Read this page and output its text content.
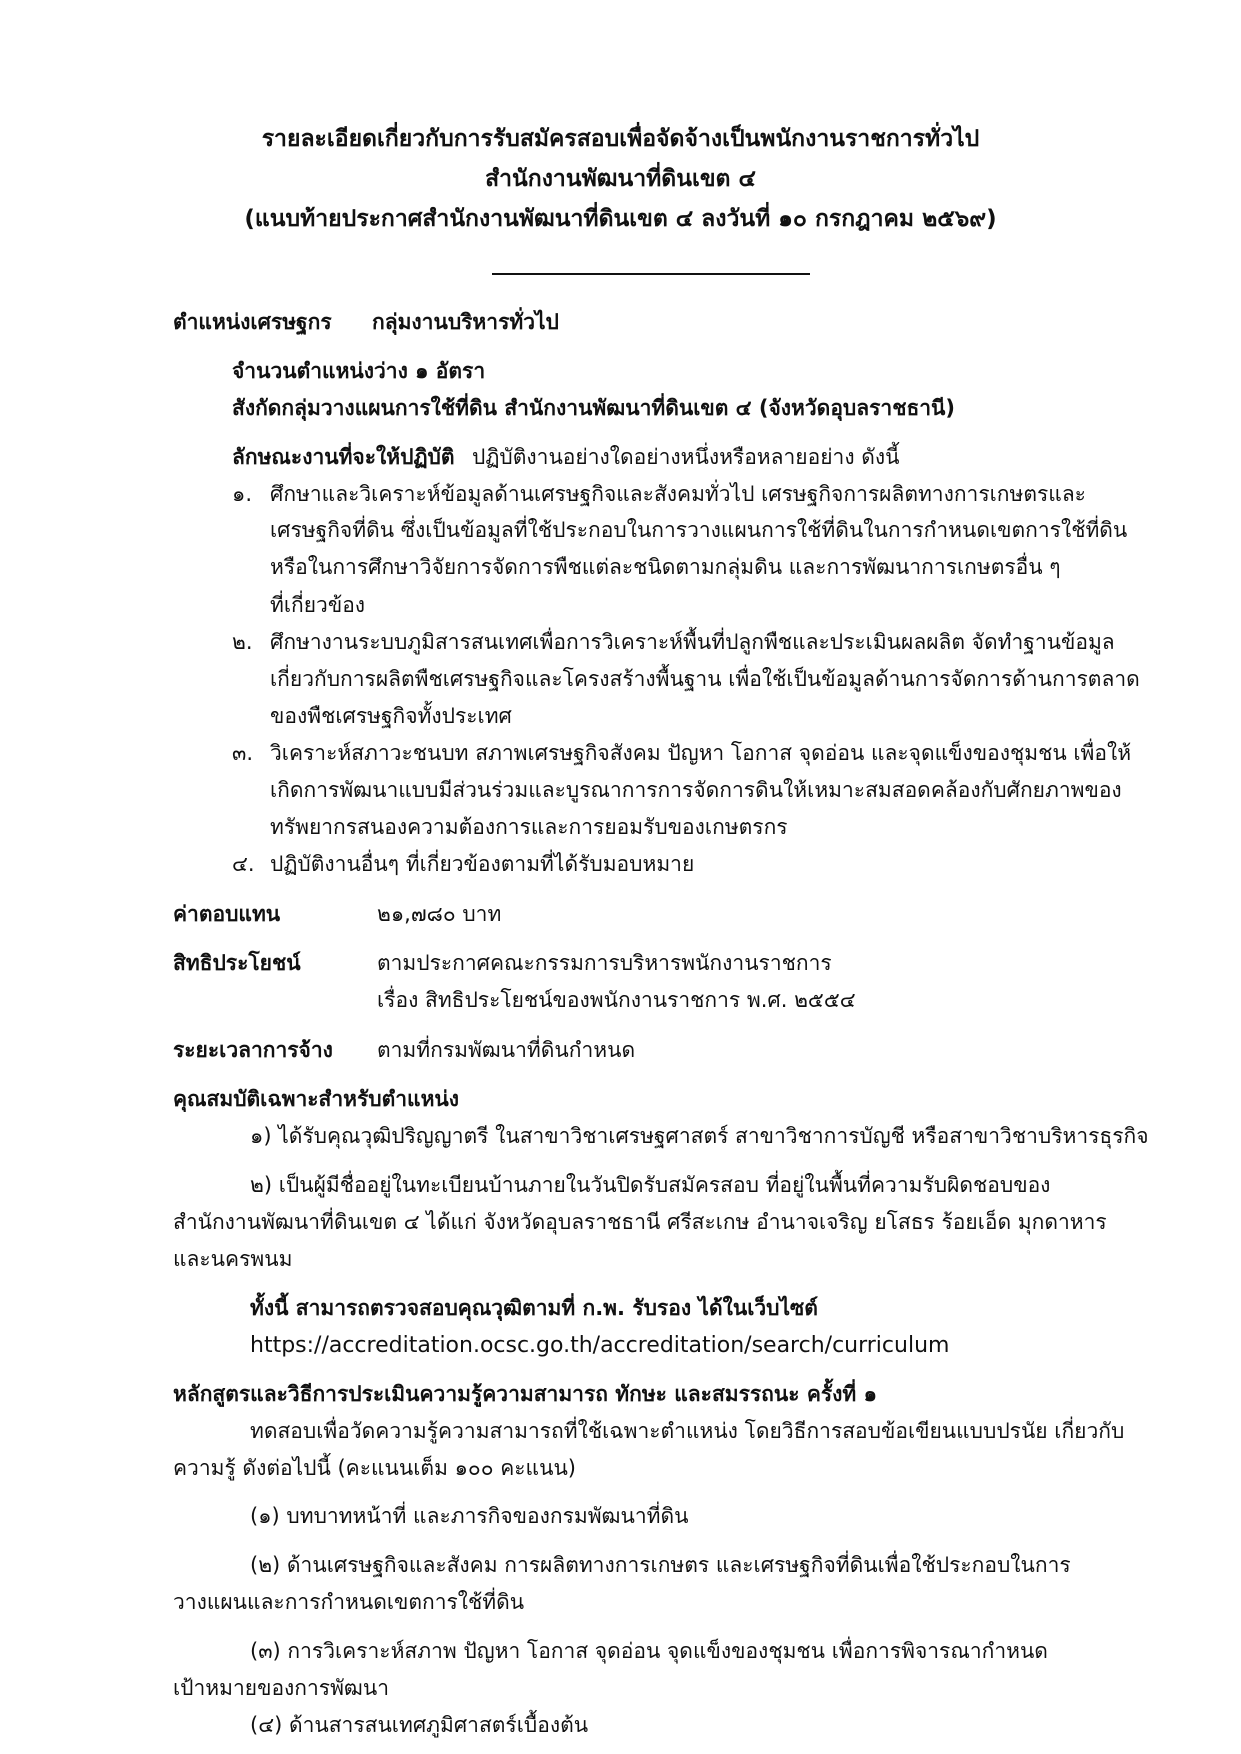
รายละเอียดเกี่ยวกับการรับสมัครสอบเพื่อจัดจ้างเป็นพนักงานราชการทั่วไป
สำนักงานพัฒนาที่ดินเขต ๔
(แนบท้ายประกาศสำนักงานพัฒนาที่ดินเขต ๔ ลงวันที่ ๑๐ กรกฎาคม ๒๕๖๙)
ตำแหน่งเศรษฐกร กลุ่มงานบริหารทั่วไป
จำนวนตำแหน่งว่าง ๑ อัตรา
สังกัดกลุ่มวางแผนการใช้ที่ดิน สำนักงานพัฒนาที่ดินเขต ๔ (จังหวัดอุบลราชธานี)
ลักษณะงานที่จะให้ปฏิบัติ ปฏิบัติงานอย่างใดอย่างหนึ่งหรือหลายอย่าง ดังนี้
๑. ศึกษาและวิเคราะห์ข้อมูลด้านเศรษฐกิจและสังคมทั่วไป เศรษฐกิจการผลิตทางการเกษตรและ
เศรษฐกิจที่ดิน ซึ่งเป็นข้อมูลที่ใช้ประกอบในการวางแผนการใช้ที่ดินในการกำหนดเขตการใช้ที่ดิน
หรือในการศึกษาวิจัยการจัดการพืชแต่ละชนิดตามกลุ่มดิน และการพัฒนาการเกษตรอื่น ๆ
ที่เกี่ยวข้อง
๒. ศึกษางานระบบภูมิสารสนเทศเพื่อการวิเคราะห์พื้นที่ปลูกพืชและประเมินผลผลิต จัดทำฐานข้อมูล
เกี่ยวกับการผลิตพืชเศรษฐกิจและโครงสร้างพื้นฐาน เพื่อใช้เป็นข้อมูลด้านการจัดการด้านการตลาด
ของพืชเศรษฐกิจทั้งประเทศ
๓. วิเคราะห์สภาวะชนบท สภาพเศรษฐกิจสังคม ปัญหา โอกาส จุดอ่อน และจุดแข็งของชุมชน เพื่อให้
เกิดการพัฒนาแบบมีส่วนร่วมและบูรณาการการจัดการดินให้เหมาะสมสอดคล้องกับศักยภาพของ
ทรัพยากรสนองความต้องการและการยอมรับของเกษตรกร
๔. ปฏิบัติงานอื่นๆ ที่เกี่ยวข้องตามที่ได้รับมอบหมาย
ค่าตอบแทน	๒๑,๗๘๐ บาท
สิทธิประโยชน์	ตามประกาศคณะกรรมการบริหารพนักงานราชการ
เรื่อง สิทธิประโยชน์ของพนักงานราชการ พ.ศ. ๒๕๕๔
ระยะเวลาการจ้าง ตามที่กรมพัฒนาที่ดินกำหนด
คุณสมบัติเฉพาะสำหรับตำแหน่ง
๑) ได้รับคุณวุฒิปริญญาตรี ในสาขาวิชาเศรษฐศาสตร์ สาขาวิชาการบัญชี หรือสาขาวิชาบริหารธุรกิจ
๒) เป็นผู้มีชื่ออยู่ในทะเบียนบ้านภายในวันปิดรับสมัครสอบ ที่อยู่ในพื้นที่ความรับผิดชอบของ
สำนักงานพัฒนาที่ดินเขต ๔ ได้แก่ จังหวัดอุบลราชธานี ศรีสะเกษ อำนาจเจริญ ยโสธร ร้อยเอ็ด มุกดาหาร
และนครพนม
ทั้งนี้ สามารถตรวจสอบคุณวุฒิตามที่ ก.พ. รับรอง ได้ในเว็บไซต์
https://accreditation.ocsc.go.th/accreditation/search/curriculum
หลักสูตรและวิธีการประเมินความรู้ความสามารถ ทักษะ และสมรรถนะ ครั้งที่ ๑
ทดสอบเพื่อวัดความรู้ความสามารถที่ใช้เฉพาะตำแหน่ง โดยวิธีการสอบข้อเขียนแบบปรนัย เกี่ยวกับ
ความรู้ ดังต่อไปนี้ (คะแนนเต็ม ๑๐๐ คะแนน)
(๑) บทบาทหน้าที่ และภารกิจของกรมพัฒนาที่ดิน
(๒) ด้านเศรษฐกิจและสังคม การผลิตทางการเกษตร และเศรษฐกิจที่ดินเพื่อใช้ประกอบในการ
วางแผนและการกำหนดเขตการใช้ที่ดิน
(๓) การวิเคราะห์สภาพ ปัญหา โอกาส จุดอ่อน จุดแข็งของชุมชน เพื่อการพิจารณากำหนด
เป้าหมายของการพัฒนา
(๔) ด้านสารสนเทศภูมิศาสตร์เบื้องต้น
